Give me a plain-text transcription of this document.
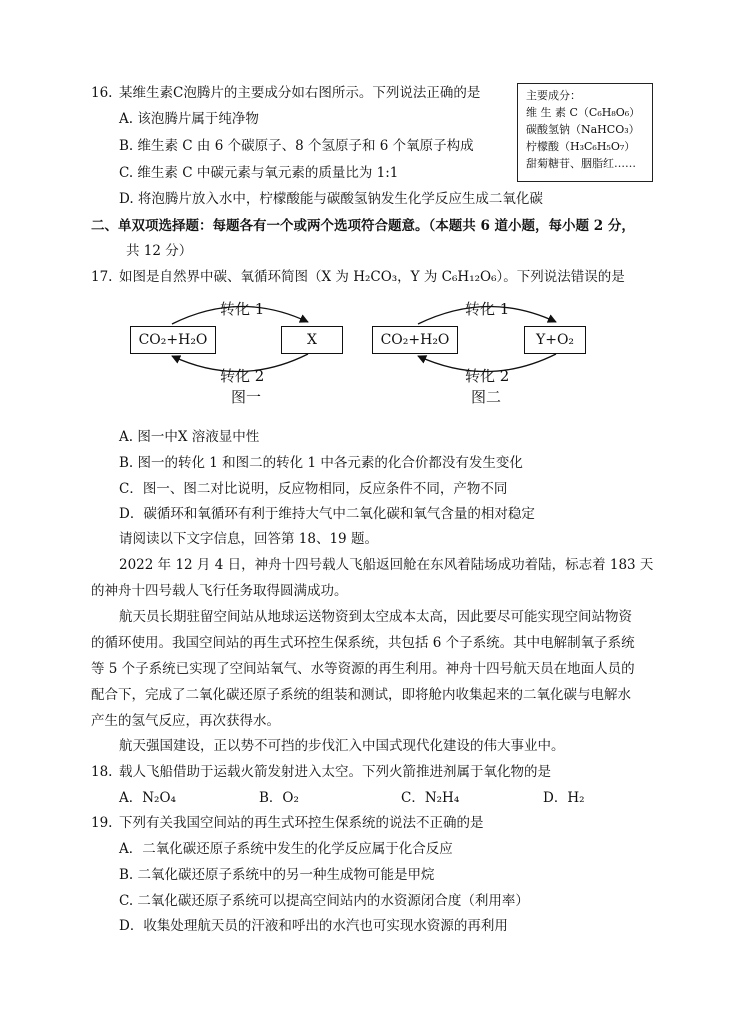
16. 某维生素C泡腾片的主要成分如右图所示。下列说法正确的是
A. 该泡腾片属于纯净物
B. 维生素 C 由 6 个碳原子、8 个氢原子和 6 个氧原子构成
C. 维生素 C 中碳元素与氧元素的质量比为 1:1
D. 将泡腾片放入水中，柠檬酸能与碳酸氢钠发生化学反应生成二氧化碳
主要成分：
维 生 素 C（C₆H₈O₆）
碳酸氢钠（NaHCO₃）
柠檬酸（H₃C₆H₅O₇）
甜菊糖苷、胭脂红……
二、单双项选择题：每题各有一个或两个选项符合题意。（本题共 6 道小题，每小题 2 分，
共 12 分）
17. 如图是自然界中碳、氧循环简图（X 为 H₂CO₃，Y 为 C₆H₁₂O₆）。下列说法错误的是
CO₂+H₂O	X
转化 1
转化 2
图一
CO₂+H₂O	Y+O₂
转化 1
转化 2
图二
A. 图一中X 溶液显中性
B. 图一的转化 1 和图二的转化 1 中各元素的化合价都没有发生变化
C．图一、图二对比说明，反应物相同，反应条件不同，产物不同
D．碳循环和氧循环有利于维持大气中二氧化碳和氧气含量的相对稳定
请阅读以下文字信息，回答第 18、19 题。
2022 年 12 月 4 日，神舟十四号载人飞船返回舱在东风着陆场成功着陆，标志着 183 天
的神舟十四号载人飞行任务取得圆满成功。
航天员长期驻留空间站从地球运送物资到太空成本太高，因此要尽可能实现空间站物资
的循环使用。我国空间站的再生式环控生保系统，共包括 6 个子系统。其中电解制氧子系统
等 5 个子系统已实现了空间站氧气、水等资源的再生利用。神舟十四号航天员在地面人员的
配合下，完成了二氧化碳还原子系统的组装和测试，即将舱内收集起来的二氧化碳与电解水
产生的氢气反应，再次获得水。
航天强国建设，正以势不可挡的步伐汇入中国式现代化建设的伟大事业中。
18. 载人飞船借助于运载火箭发射进入太空。下列火箭推进剂属于氧化物的是
A．N₂O₄	B．O₂	C．N₂H₄	D．H₂
19. 下列有关我国空间站的再生式环控生保系统的说法不正确的是
A．二氧化碳还原子系统中发生的化学反应属于化合反应
B. 二氧化碳还原子系统中的另一种生成物可能是甲烷
C. 二氧化碳还原子系统可以提高空间站内的水资源闭合度（利用率）
D．收集处理航天员的汗液和呼出的水汽也可实现水资源的再利用
